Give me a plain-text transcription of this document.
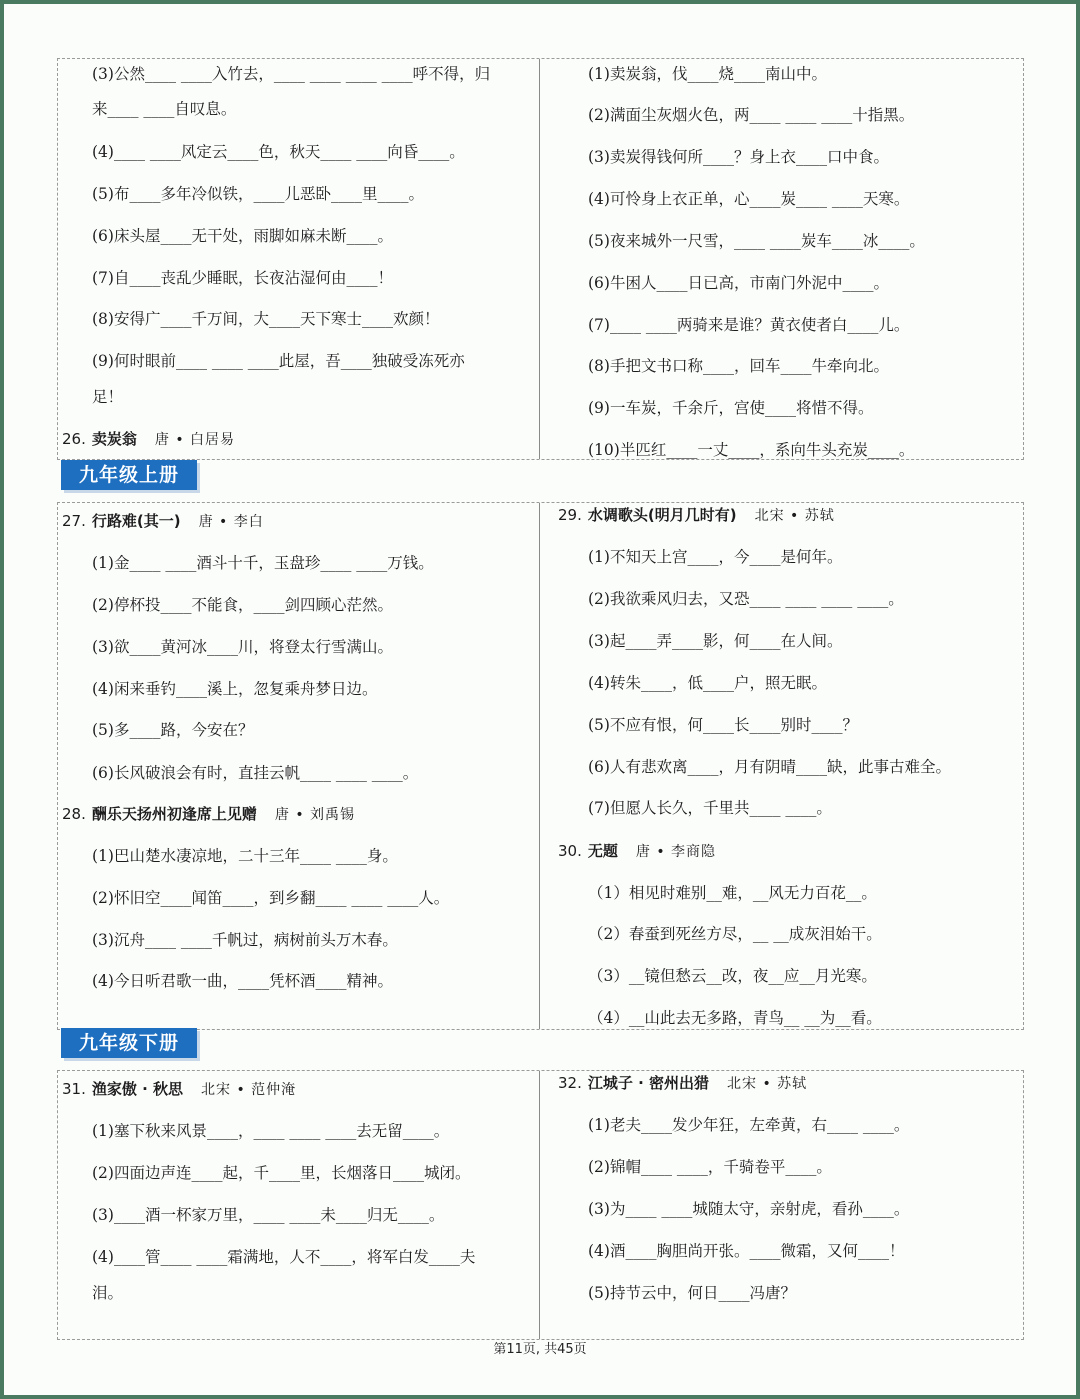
(3)公然____ ____入竹去，____ ____ ____ ____呼不得，归
来____ ____自叹息。
(4)____ ____风定云____色，秋天____ ____向昏____。
(5)布____多年冷似铁，____儿恶卧____里____。
(6)床头屋____无干处，雨脚如麻未断____。
(7)自____丧乱少睡眠，长夜沾湿何由____！
(8)安得广____千万间，大____天下寒士____欢颜！
(9)何时眼前____ ____ ____此屋，吾____独破受冻死亦
足！
26. 卖炭翁 唐 • 白居易
(1)卖炭翁，伐____烧____南山中。
(2)满面尘灰烟火色，两____ ____ ____十指黑。
(3)卖炭得钱何所____？身上衣____口中食。
(4)可怜身上衣正单，心____炭____ ____天寒。
(5)夜来城外一尺雪，____ ____炭车____冰____。
(6)牛困人____日已高，市南门外泥中____。
(7)____ ____两骑来是谁？黄衣使者白____儿。
(8)手把文书口称____，回车____牛牵向北。
(9)一车炭，千余斤，宫使____将惜不得。
(10)半匹红____一丈____，系向牛头充炭____。
九年级上册
27. 行路难(其一) 唐 • 李白
(1)金____ ____酒斗十千，玉盘珍____ ____万钱。
(2)停杯投____不能食，____剑四顾心茫然。
(3)欲____黄河冰____川，将登太行雪满山。
(4)闲来垂钓____溪上，忽复乘舟梦日边。
(5)多____路，今安在？
(6)长风破浪会有时，直挂云帆____ ____ ____。
28. 酬乐天扬州初逢席上见赠 唐 • 刘禹锡
(1)巴山楚水凄凉地，二十三年____ ____身。
(2)怀旧空____闻笛____，到乡翻____ ____ ____人。
(3)沉舟____ ____千帆过，病树前头万木春。
(4)今日听君歌一曲，____凭杯酒____精神。
29. 水调歌头(明月几时有) 北宋 • 苏轼
(1)不知天上宫____，今____是何年。
(2)我欲乘风归去，又恐____ ____ ____ ____。
(3)起____弄____影，何____在人间。
(4)转朱____，低____户，照无眠。
(5)不应有恨，何____长____别时____？
(6)人有悲欢离____，月有阴晴____缺，此事古难全。
(7)但愿人长久，千里共____ ____。
30. 无题 唐 • 李商隐
（1）相见时难别__难，__风无力百花__。
（2）春蚕到死丝方尽，__ __成灰泪始干。
（3）__镜但愁云__改，夜__应__月光寒。
（4）__山此去无多路，青鸟__ __为__看。
九年级下册
31. 渔家傲 · 秋思 北宋 • 范仲淹
(1)塞下秋来风景____，____ ____ ____去无留____。
(2)四面边声连____起，千____里，长烟落日____城闭。
(3)____酒一杯家万里，____ ____未____归无____。
(4)____管____ ____霜满地，人不____，将军白发____夫
泪。
32. 江城子 · 密州出猎 北宋 • 苏轼
(1)老夫____发少年狂，左牵黄，右____ ____。
(2)锦帽____ ____，千骑卷平____。
(3)为____ ____城随太守，亲射虎，看孙____。
(4)酒____胸胆尚开张。____微霜，又何____！
(5)持节云中，何日____冯唐？
第11页, 共45页
